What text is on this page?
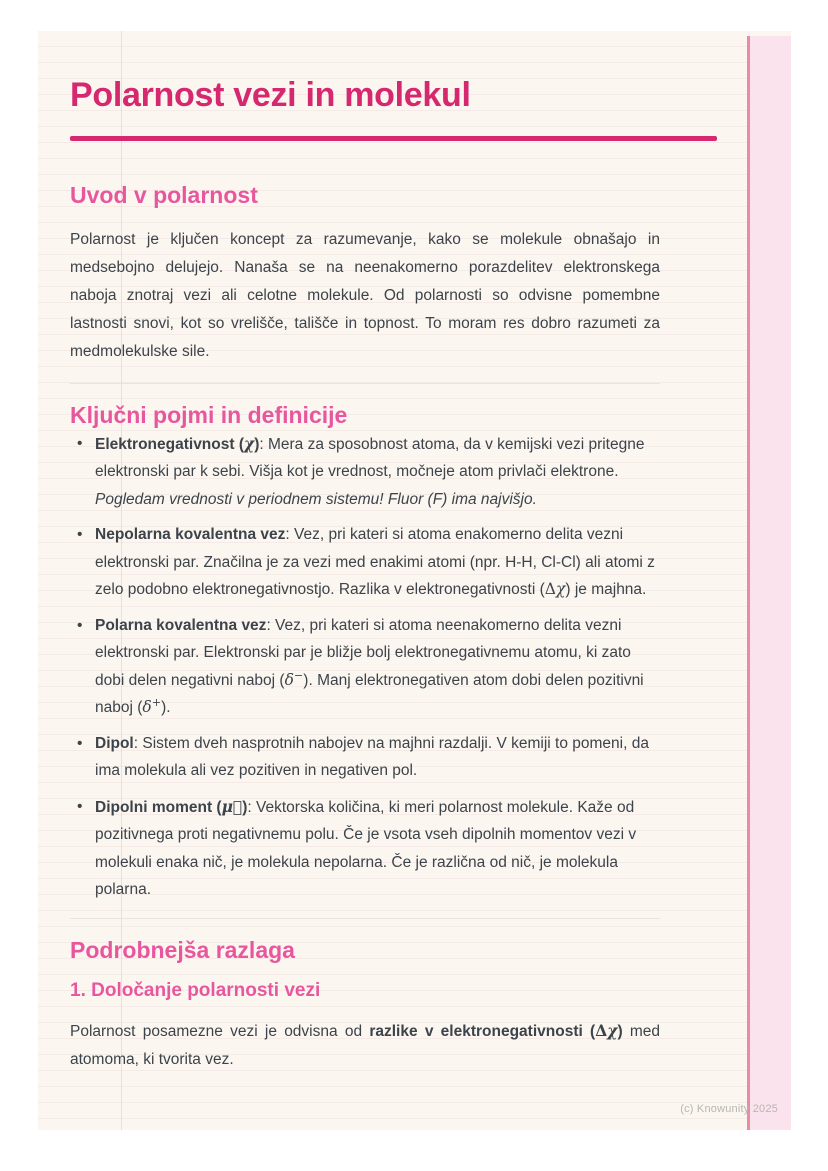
Polarnost vezi in molekul
Uvod v polarnost

Polarnost je ključen koncept za razumevanje, kako se molekule obnašajo in medsebojno delujejo. Nanaša se na neenakomerno porazdelitev elektronskega naboja znotraj vezi ali celotne molekule. Od polarnosti so odvisne pomembne lastnosti snovi, kot so vrelišče, tališče in topnost. To moram res dobro razumeti za medmolekulske sile.

Ključni pojmi in definicije
• Elektronegativnost (χ): Mera za sposobnost atoma, da v kemijski vezi pritegne elektronski par k sebi. Višja kot je vrednost, močneje atom privlači elektrone. Pogledam vrednosti v periodnem sistemu! Fluor (F) ima najvišjo.
• Nepolarna kovalentna vez: Vez, pri kateri si atoma enakomerno delita vezni elektronski par. Značilna je za vezi med enakimi atomi (npr. H-H, Cl-Cl) ali atomi z zelo podobno elektronegativnostjo. Razlika v elektronegativnosti (Δχ) je majhna.
• Polarna kovalentna vez: Vez, pri kateri si atoma neenakomerno delita vezni elektronski par. Elektronski par je bližje bolj elektronegativnemu atomu, ki zato dobi delen negativni naboj (δ−). Manj elektronegativen atom dobi delen pozitivni naboj (δ+).
• Dipol: Sistem dveh nasprotnih nabojev na majhni razdalji. V kemiji to pomeni, da ima molekula ali vez pozitiven in negativen pol.
• Dipolni moment (μ⃗): Vektorska količina, ki meri polarnost molekule. Kaže od pozitivnega proti negativnemu polu. Če je vsota vseh dipolnih momentov vezi v molekuli enaka nič, je molekula nepolarna. Če je različna od nič, je molekula polarna.
Podrobnejša razlaga
1. Določanje polarnosti vezi

Polarnost posamezne vezi je odvisna od razlike v elektronegativnosti (Δχ) med atomoma, ki tvorita vez.

(c) Knowunity 2025
